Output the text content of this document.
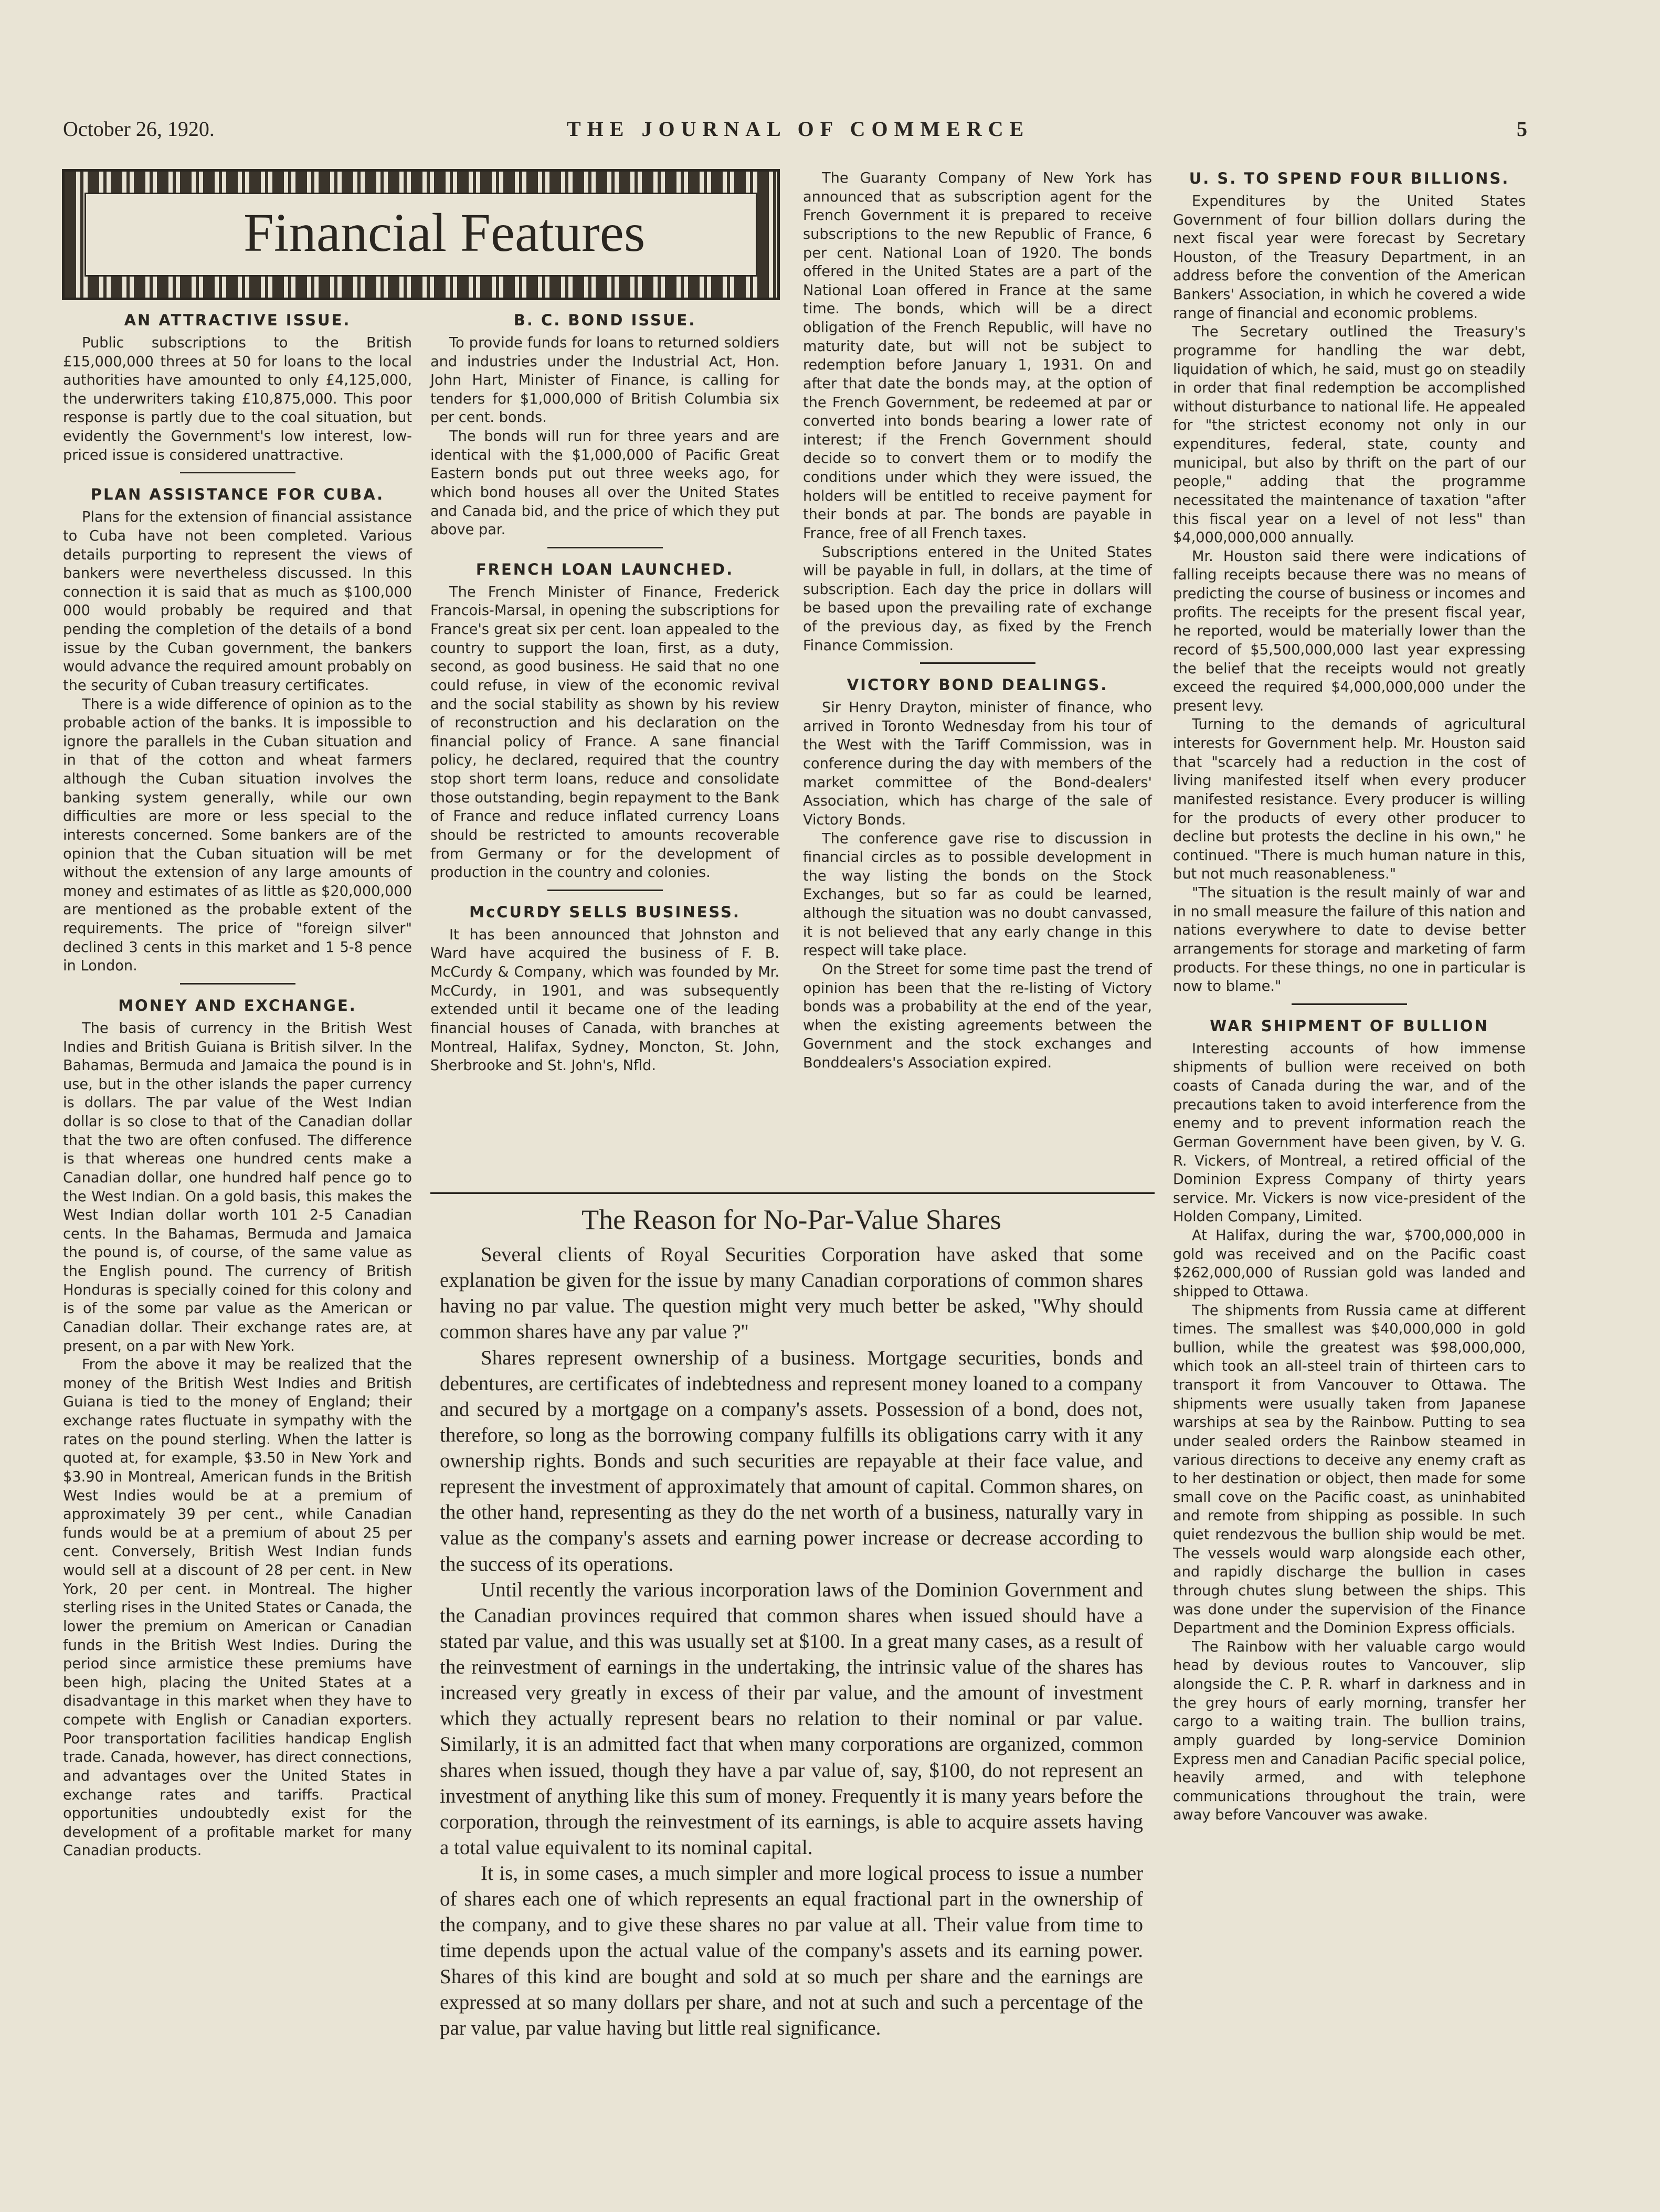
October 26, 1920.	THE JOURNAL OF COMMERCE	5
Financial Features
AN ATTRACTIVE ISSUE.

Public subscriptions to the British £15,000,000 threes at 50 for loans to the local authorities have amounted to only £4,125,000, the underwriters taking £10,875,000. This poor response is partly due to the coal situation, but evidently the Government's low interest, low-priced issue is considered unattractive.

PLAN ASSISTANCE FOR CUBA.

Plans for the extension of financial assistance to Cuba have not been completed. Various details purporting to represent the views of bankers were nevertheless discussed. In this connection it is said that as much as $100,000 000 would probably be required and that pending the completion of the details of a bond issue by the Cuban government, the bankers would advance the required amount probably on the security of Cuban treasury certificates.

There is a wide difference of opinion as to the probable action of the banks. It is impossible to ignore the parallels in the Cuban situation and in that of the cotton and wheat farmers although the Cuban situation involves the banking system generally, while our own difficulties are more or less special to the interests concerned. Some bankers are of the opinion that the Cuban situation will be met without the extension of any large amounts of money and estimates of as little as $20,000,000 are mentioned as the probable extent of the requirements. The price of "foreign silver" declined 3 cents in this market and 1 5-8 pence in London.

MONEY AND EXCHANGE.

The basis of currency in the British West Indies and British Guiana is British silver. In the Bahamas, Bermuda and Jamaica the pound is in use, but in the other islands the paper currency is dollars. The par value of the West Indian dollar is so close to that of the Canadian dollar that the two are often confused. The difference is that whereas one hundred cents make a Canadian dollar, one hundred half pence go to the West Indian. On a gold basis, this makes the West Indian dollar worth 101 2-5 Canadian cents. In the Bahamas, Bermuda and Jamaica the pound is, of course, of the same value as the English pound. The currency of British Honduras is specially coined for this colony and is of the some par value as the American or Canadian dollar. Their exchange rates are, at present, on a par with New York.

From the above it may be realized that the money of the British West Indies and British Guiana is tied to the money of England; their exchange rates fluctuate in sympathy with the rates on the pound sterling. When the latter is quoted at, for example, $3.50 in New York and $3.90 in Montreal, American funds in the British West Indies would be at a premium of approximately 39 per cent., while Canadian funds would be at a premium of about 25 per cent. Conversely, British West Indian funds would sell at a discount of 28 per cent. in New York, 20 per cent. in Montreal. The higher sterling rises in the United States or Canada, the lower the premium on American or Canadian funds in the British West Indies. During the period since armistice these premiums have been high, placing the United States at a disadvantage in this market when they have to compete with English or Canadian exporters. Poor transportation facilities handicap English trade. Canada, however, has direct connections, and advantages over the United States in exchange rates and tariffs. Practical opportunities undoubtedly exist for the development of a profitable market for many Canadian products.

B. C. BOND ISSUE.

To provide funds for loans to returned soldiers and industries under the Industrial Act, Hon. John Hart, Minister of Finance, is calling for tenders for $1,000,000 of British Columbia six per cent. bonds.

The bonds will run for three years and are identical with the $1,000,000 of Pacific Great Eastern bonds put out three weeks ago, for which bond houses all over the United States and Canada bid, and the price of which they put above par.

FRENCH LOAN LAUNCHED.

The French Minister of Finance, Frederick Francois-Marsal, in opening the subscriptions for France's great six per cent. loan appealed to the country to support the loan, first, as a duty, second, as good business. He said that no one could refuse, in view of the economic revival and the social stability as shown by his review of reconstruction and his declaration on the financial policy of France. A sane financial policy, he declared, required that the country stop short term loans, reduce and consolidate those outstanding, begin repayment to the Bank of France and reduce inflated currency Loans should be restricted to amounts recoverable from Germany or for the development of production in the country and colonies.

McCURDY SELLS BUSINESS.

It has been announced that Johnston and Ward have acquired the business of F. B. McCurdy & Company, which was founded by Mr. McCurdy, in 1901, and was subsequently extended until it became one of the leading financial houses of Canada, with branches at Montreal, Halifax, Sydney, Moncton, St. John, Sherbrooke and St. John's, Nfld.

The Guaranty Company of New York has announced that as subscription agent for the French Government it is prepared to receive subscriptions to the new Republic of France, 6 per cent. National Loan of 1920. The bonds offered in the United States are a part of the National Loan offered in France at the same time. The bonds, which will be a direct obligation of the French Republic, will have no maturity date, but will not be subject to redemption before January 1, 1931. On and after that date the bonds may, at the option of the French Government, be redeemed at par or converted into bonds bearing a lower rate of interest; if the French Government should decide so to convert them or to modify the conditions under which they were issued, the holders will be entitled to receive payment for their bonds at par. The bonds are payable in France, free of all French taxes.

Subscriptions entered in the United States will be payable in full, in dollars, at the time of subscription. Each day the price in dollars will be based upon the prevailing rate of exchange of the previous day, as fixed by the French Finance Commission.

VICTORY BOND DEALINGS.

Sir Henry Drayton, minister of finance, who arrived in Toronto Wednesday from his tour of the West with the Tariff Commission, was in conference during the day with members of the market committee of the Bond-dealers' Association, which has charge of the sale of Victory Bonds.

The conference gave rise to discussion in financial circles as to possible development in the way listing the bonds on the Stock Exchanges, but so far as could be learned, although the situation was no doubt canvassed, it is not believed that any early change in this respect will take place.

On the Street for some time past the trend of opinion has been that the re-listing of Victory bonds was a probability at the end of the year, when the existing agreements between the Government and the stock exchanges and Bonddealers's Association expired.

U. S. TO SPEND FOUR BILLIONS.

Expenditures by the United States Government of four billion dollars during the next fiscal year were forecast by Secretary Houston, of the Treasury Department, in an address before the convention of the American Bankers' Association, in which he covered a wide range of financial and economic problems.

The Secretary outlined the Treasury's programme for handling the war debt, liquidation of which, he said, must go on steadily in order that final redemption be accomplished without disturbance to national life. He appealed for "the strictest economy not only in our expenditures, federal, state, county and municipal, but also by thrift on the part of our people," adding that the programme necessitated the maintenance of taxation "after this fiscal year on a level of not less" than $4,000,000,000 annually.

Mr. Houston said there were indications of falling receipts because there was no means of predicting the course of business or incomes and profits. The receipts for the present fiscal year, he reported, would be materially lower than the record of $5,500,000,000 last year expressing the belief that the receipts would not greatly exceed the required $4,000,000,000 under the present levy.

Turning to the demands of agricultural interests for Government help. Mr. Houston said that "scarcely had a reduction in the cost of living manifested itself when every producer manifested resistance. Every producer is willing for the products of every other producer to decline but protests the decline in his own," he continued. "There is much human nature in this, but not much reasonableness."

"The situation is the result mainly of war and in no small measure the failure of this nation and nations everywhere to date to devise better arrangements for storage and marketing of farm products. For these things, no one in particular is now to blame."

WAR SHIPMENT OF BULLION

Interesting accounts of how immense shipments of bullion were received on both coasts of Canada during the war, and of the precautions taken to avoid interference from the enemy and to prevent information reach the German Government have been given, by V. G. R. Vickers, of Montreal, a retired official of the Dominion Express Company of thirty years service. Mr. Vickers is now vice-president of the Holden Company, Limited.

At Halifax, during the war, $700,000,000 in gold was received and on the Pacific coast $262,000,000 of Russian gold was landed and shipped to Ottawa.

The shipments from Russia came at different times. The smallest was $40,000,000 in gold bullion, while the greatest was $98,000,000, which took an all-steel train of thirteen cars to transport it from Vancouver to Ottawa. The shipments were usually taken from Japanese warships at sea by the Rainbow. Putting to sea under sealed orders the Rainbow steamed in various directions to deceive any enemy craft as to her destination or object, then made for some small cove on the Pacific coast, as uninhabited and remote from shipping as possible. In such quiet rendezvous the bullion ship would be met. The vessels would warp alongside each other, and rapidly discharge the bullion in cases through chutes slung between the ships. This was done under the supervision of the Finance Department and the Dominion Express officials.

The Rainbow with her valuable cargo would head by devious routes to Vancouver, slip alongside the C. P. R. wharf in darkness and in the grey hours of early morning, transfer her cargo to a waiting train. The bullion trains, amply guarded by long-service Dominion Express men and Canadian Pacific special police, heavily armed, and with telephone communications throughout the train, were away before Vancouver was awake.

The Reason for No-Par-Value Shares

Several clients of Royal Securities Corporation have asked that some explanation be given for the issue by many Canadian corporations of common shares having no par value. The question might very much better be asked, ''Why should common shares have any par value ?''

Shares represent ownership of a business. Mortgage securities, bonds and debentures, are certificates of indebtedness and represent money loaned to a company and secured by a mortgage on a company's assets. Possession of a bond, does not, therefore, so long as the borrowing company fulfills its obligations carry with it any ownership rights. Bonds and such securities are repayable at their face value, and represent the investment of approximately that amount of capital. Common shares, on the other hand, representing as they do the net worth of a business, naturally vary in value as the company's assets and earning power increase or decrease according to the success of its operations.

Until recently the various incorporation laws of the Dominion Government and the Canadian provinces required that common shares when issued should have a stated par value, and this was usually set at $100. In a great many cases, as a result of the reinvestment of earnings in the undertaking, the intrinsic value of the shares has increased very greatly in excess of their par value, and the amount of investment which they actually represent bears no relation to their nominal or par value. Similarly, it is an admitted fact that when many corporations are organized, common shares when issued, though they have a par value of, say, $100, do not represent an investment of anything like this sum of money. Frequently it is many years before the corporation, through the reinvestment of its earnings, is able to acquire assets having a total value equivalent to its nominal capital.

It is, in some cases, a much simpler and more logical process to issue a number of shares each one of which represents an equal fractional part in the ownership of the company, and to give these shares no par value at all. Their value from time to time depends upon the actual value of the company's assets and its earning power. Shares of this kind are bought and sold at so much per share and the earnings are expressed at so many dollars per share, and not at such and such a percentage of the par value, par value having but little real significance.
